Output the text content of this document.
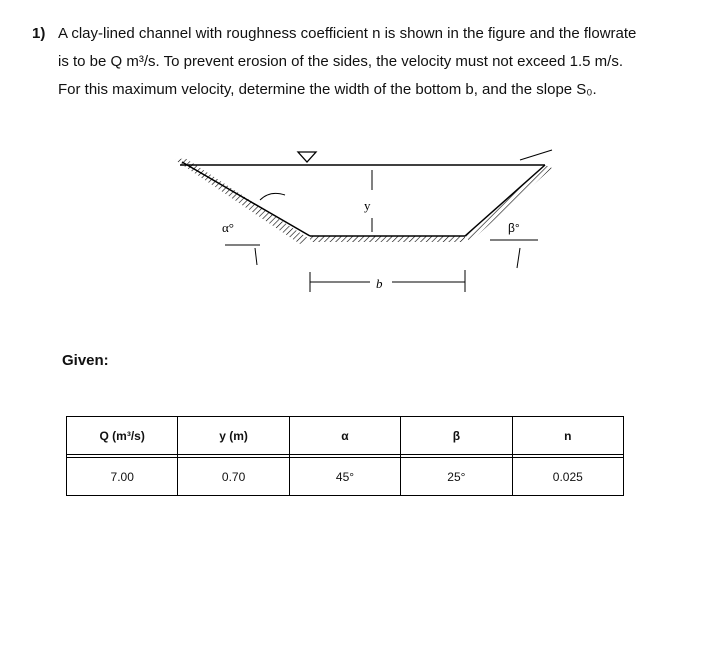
1) A clay-lined channel with roughness coefficient n is shown in the figure and the flowrate
is to be Q m³/s. To prevent erosion of the sides, the velocity must not exceed 1.5 m/s.
For this maximum velocity, determine the width of the bottom b, and the slope S₀.
α°
y
b
β°
Given:
Q (m³/s)	y (m)	α	β	n

7.00	0.70	45°	25°	0.025
